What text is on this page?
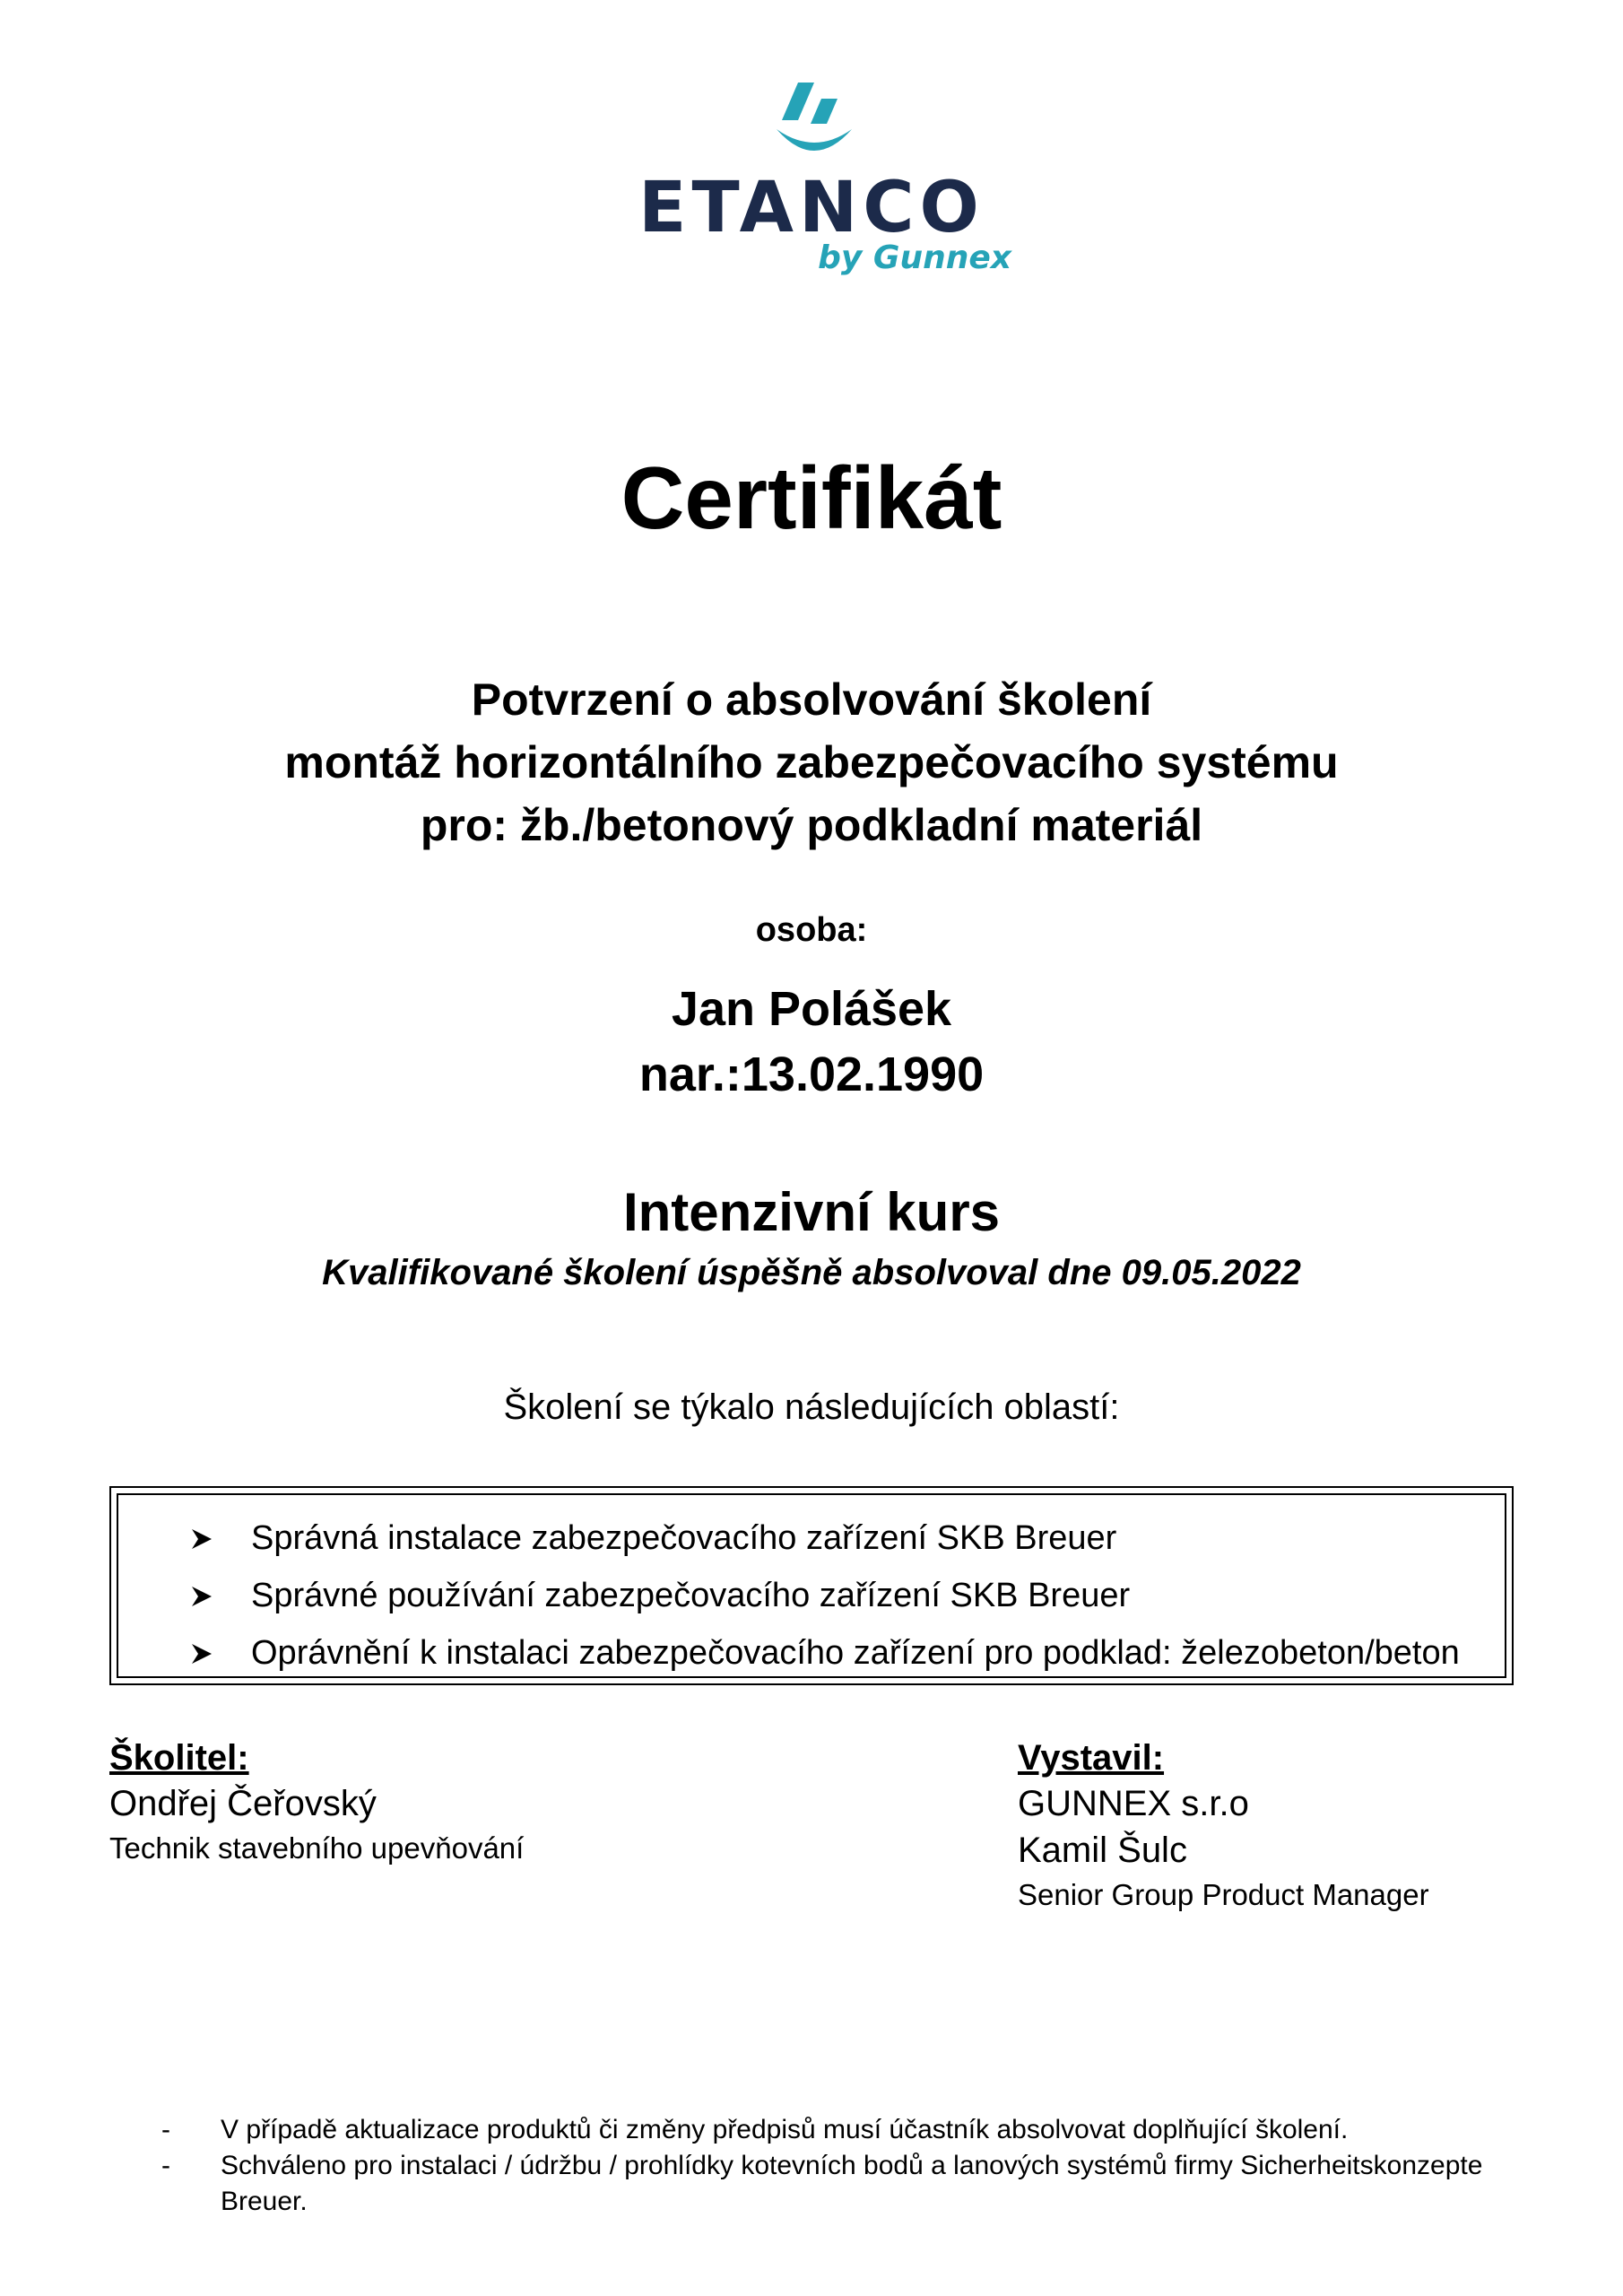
ETANCO
by Gunnex
Certifikát
Potvrzení o absolvování školení
montáž horizontálního zabezpečovacího systému
pro: žb./betonový podkladní materiál
osoba:
Jan Polášek
nar.:13.02.1990
Intenzivní kurs
Kvalifikované školení úspěšně absolvoval dne 09.05.2022
Školení se týkalo následujících oblastí:
Správná instalace zabezpečovacího zařízení SKB Breuer
Správné používání zabezpečovacího zařízení SKB Breuer
Oprávnění k instalaci zabezpečovacího zařízení pro podklad: železobeton/beton
Školitel:
Ondřej Čeřovský
Technik stavebního upevňování
Vystavil:
GUNNEX s.r.o
Kamil Šulc
Senior Group Product Manager
- V případě aktualizace produktů či změny předpisů musí účastník absolvovat doplňující školení.
- Schváleno pro instalaci / údržbu / prohlídky kotevních bodů a lanových systémů firmy Sicherheitskonzepte Breuer.
